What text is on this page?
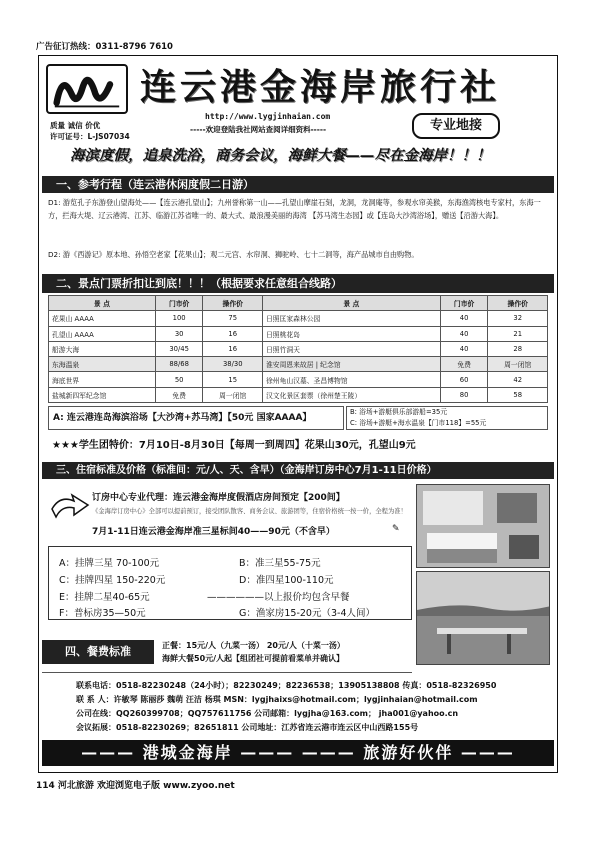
广告征订热线：0311-8796 7610
连云港金海岸旅行社
质量 诚信 价优
许可证号：L-JS07034
http://www.lygjinhaian.com
-----欢迎登陆我社网站查阅详细资料-----	专业地接
海滨度假，追泉洗浴，商务会议，海鲜大餐——尽在金海岸！！！
一、参考行程（连云港休闲度假二日游）
D1: 游览孔子东游登山望海处——【连云港孔望山】；九州誉称第一山——孔望山摩崖石刻，龙洞，龙洞庵等，参观水帘美猴，东海渔湾核电专家村，东海一方，拦海大堤、辽云港湾、江苏、临游江苏省唯一的、最大式、最浪漫美丽的海湾 【苏马湾生态园】或【连岛大沙湾浴场】，赠送【沿游大海】。
D2: 游《西游记》原本地、孙悟空老家【花果山】；观二元宫、水帘洞、狮驼岭、七十二洞等，海产品城市自由购物。
二、景点门票折扣让到底！！！（根据要求任意组合线路）
景 点	门市价	操作价	景 点	门市价	操作价
花果山 AAAA	100	75	日照匡家森林公园	40	32
孔望山 AAAA	30	16	日照桃花岛	40	21
船游大海	30/45	16	日照竹洞天	40	28
东海温泉	88/68	38/30	淮安周恩来故居 | 纪念馆	免费	周一闭馆
海底世界	50	15	徐州龟山汉墓、圣昌博物馆	60	42
盐城新四军纪念馆	免费	周一闭馆	汉文化景区套票（徐州楚王陵）	80	58
A: 连云港连岛海滨浴场【大沙湾+苏马湾】【50元 国家AAAA】
B: 浴场+游艇俱乐部游船=35元
C: 浴场+游艇+海水温泉【门市118】=55元
★★★学生团特价：7月10日-8月30日【每周一到周四】花果山30元，孔望山9元
三、住宿标准及价格（标准间：元/人、天、含早）（金海岸订房中心7月1-11日价格）
订房中心专业代理：连云港金海岸度假酒店房间预定【200间】
《金海岸订房中心》全部可以提前预订，接受团队散客、商务会议、旅游团等，住宿价格统一按一价，全程为准！
7月1-11日连云港金海岸准三星标间40——90元（不含早）	✎
A：挂牌三星 70-100元	B：准三星55-75元
C：挂牌四星 150-220元	D：准四星100-110元
E：挂牌二星40-65元	——————以上报价均包含早餐
F：普标房35—50元	G：渔家房15-20元（3-4人间）
四、餐费标准	正餐：15元/人（九菜一汤） 20元/人（十菜一汤）
海鲜大餐50元/人起【组团社可提前看菜单并确认】
联系电话：0518-82230248（24小时）；82230249；82236538；13905138808 传真：0518-82326950
联 系 人：许敏琴 陈丽莎 魏萌 汪洁 杨琪 MSN：lygjhaixs@hotmail.com；lygjinhaian@hotmail.com
公司在线：QQ260399708；QQ757611756 公司邮箱：lygjha@163.com； jha001@yahoo.cn
会议拓展：0518-82230269；82651811 公司地址：江苏省连云港市连云区中山西路155号
——— 港城金海岸 ——— ——— 旅游好伙伴 ———
114 河北旅游 欢迎浏览电子版 www.zyoo.net
